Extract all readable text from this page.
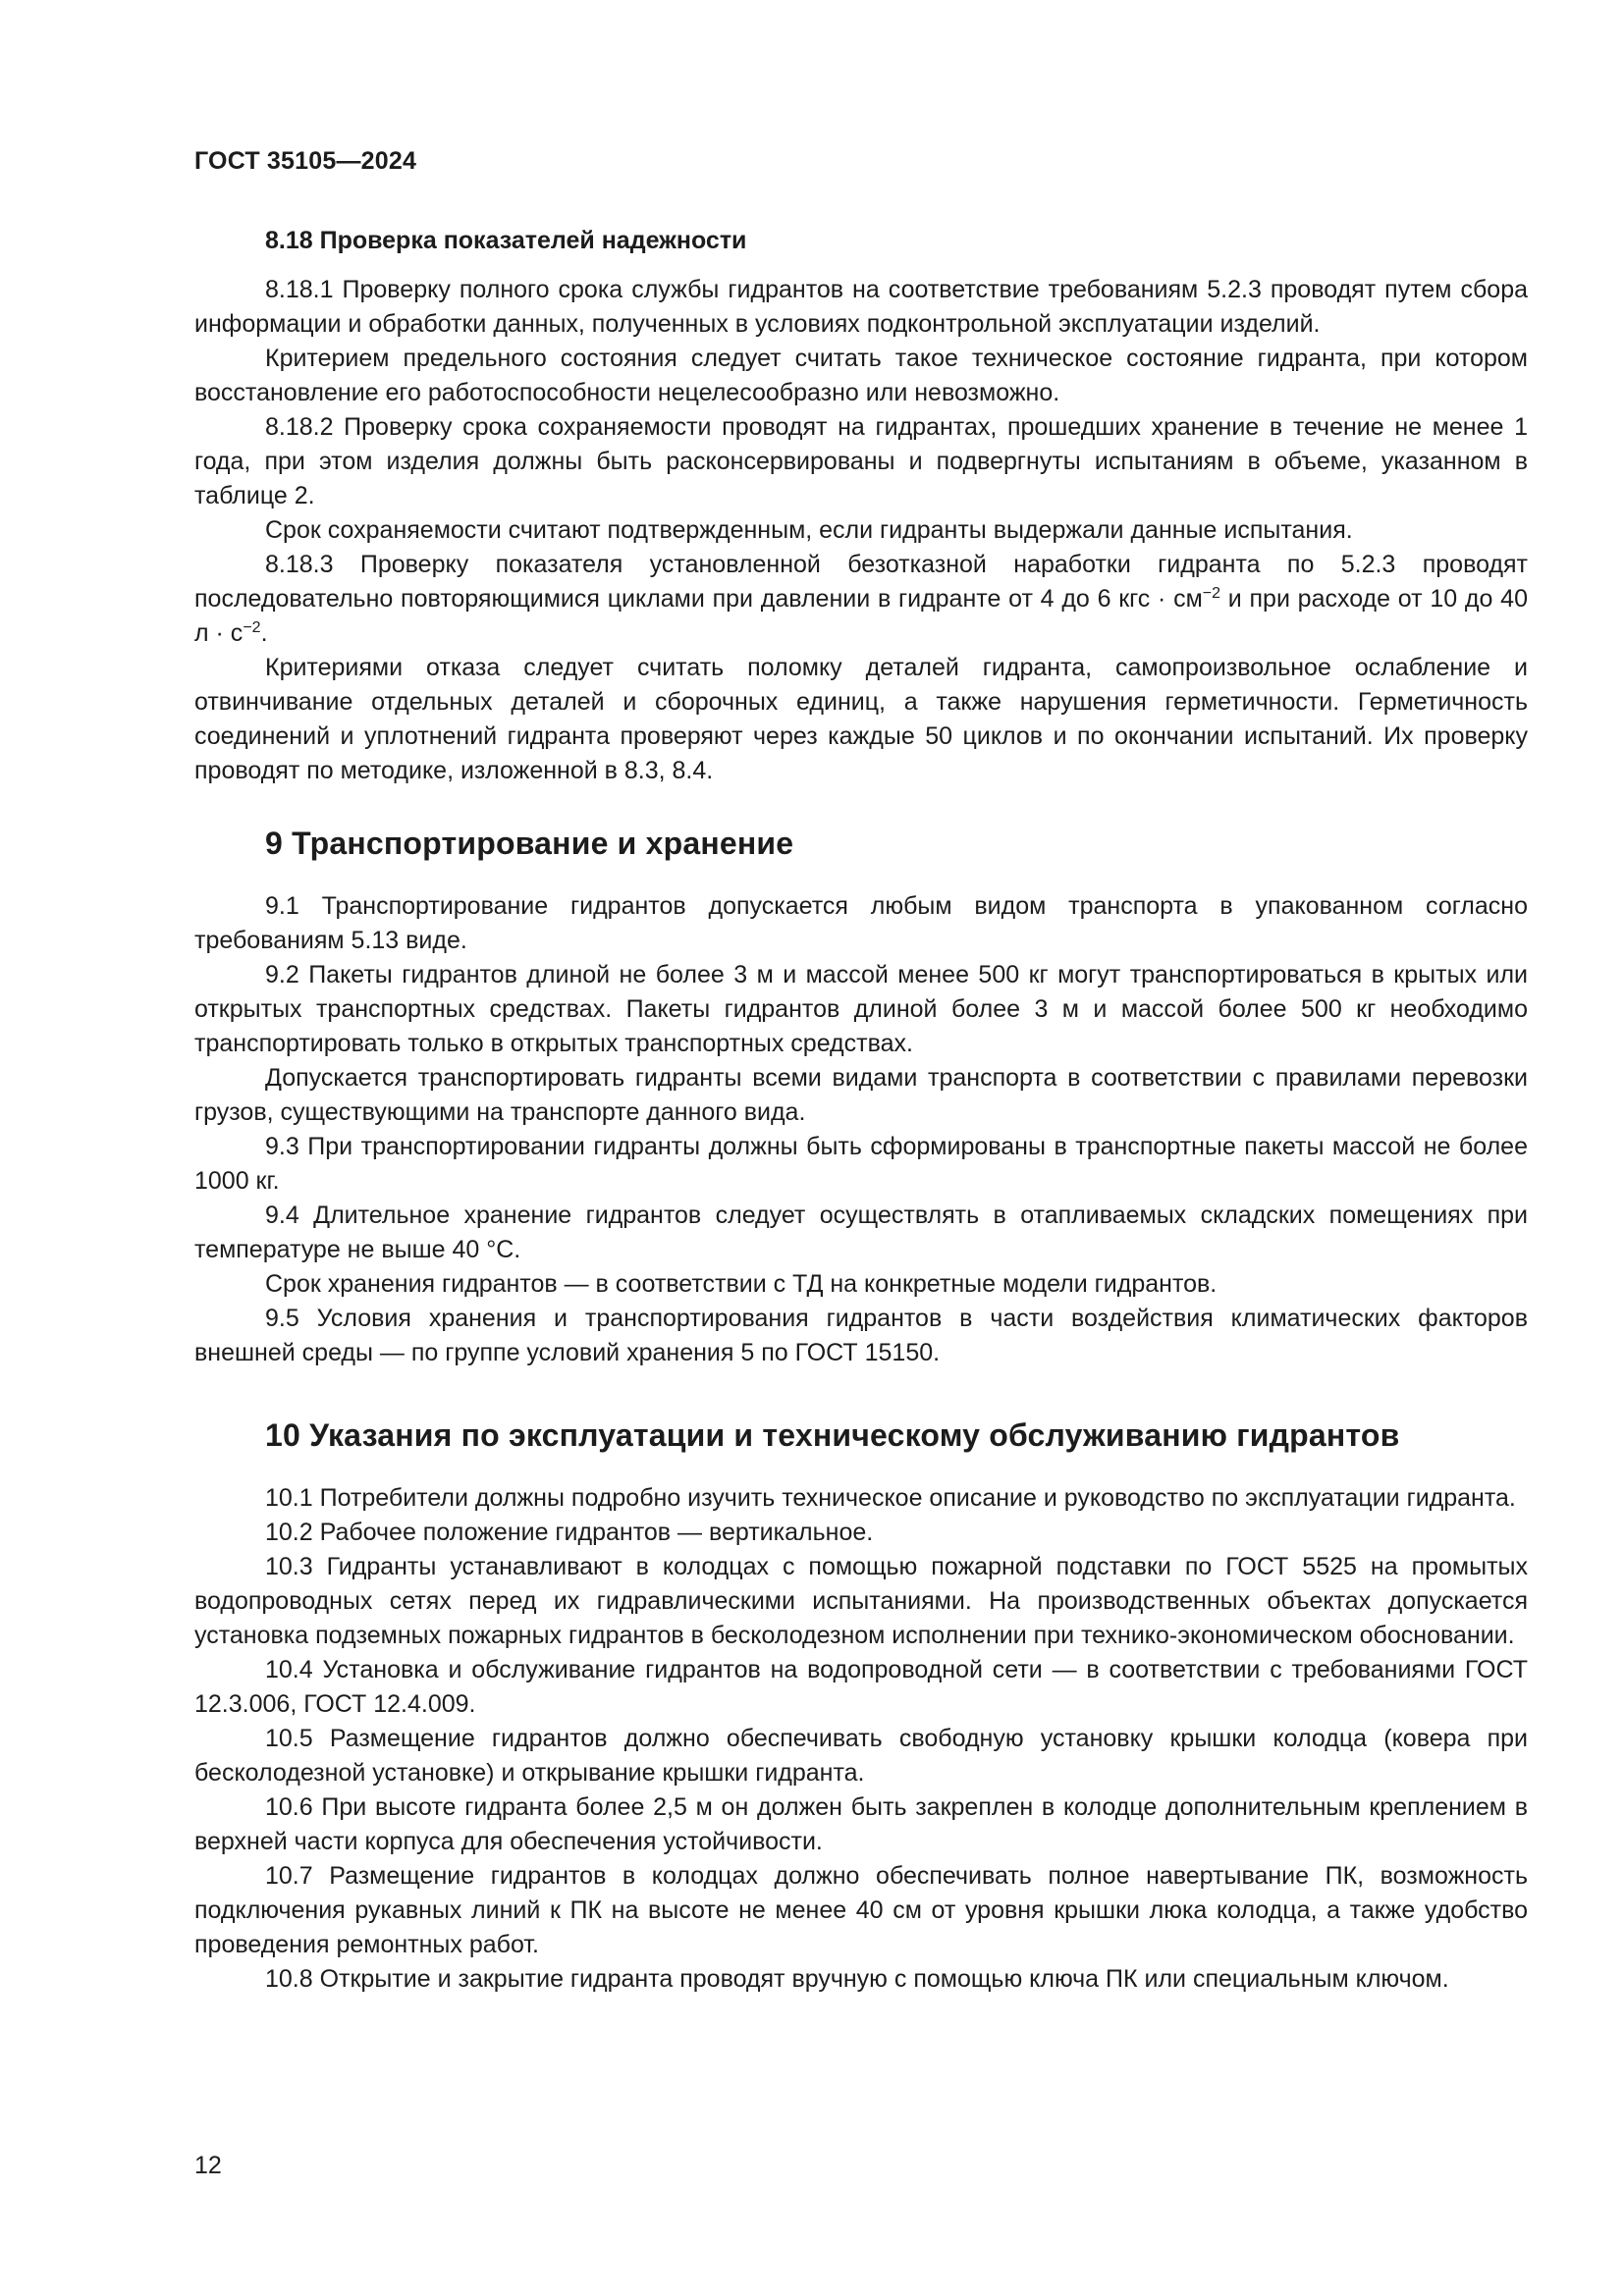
ГОСТ 35105—2024
8.18 Проверка показателей надежности

8.18.1 Проверку полного срока службы гидрантов на соответствие требованиям 5.2.3 проводят путем сбора информации и обработки данных, полученных в условиях подконтрольной эксплуатации изделий.

Критерием предельного состояния следует считать такое техническое состояние гидранта, при котором восстановление его работоспособности нецелесообразно или невозможно.

8.18.2 Проверку срока сохраняемости проводят на гидрантах, прошедших хранение в течение не менее 1 года, при этом изделия должны быть расконсервированы и подвергнуты испытаниям в объеме, указанном в таблице 2.

Срок сохраняемости считают подтвержденным, если гидранты выдержали данные испытания.

8.18.3 Проверку показателя установленной безотказной наработки гидранта по 5.2.3 проводят последовательно повторяющимися циклами при давлении в гидранте от 4 до 6 кгс · $см^{-2}$ и при расходе от 10 до 40 $л \cdot с^{-2}$.

Критериями отказа следует считать поломку деталей гидранта, самопроизвольное ослабление и отвинчивание отдельных деталей и сборочных единиц, а также нарушения герметичности. Герметичность соединений и уплотнений гидранта проверяют через каждые 50 циклов и по окончании испытаний. Их проверку проводят по методике, изложенной в 8.3, 8.4.

9 Транспортирование и хранение

9.1 Транспортирование гидрантов допускается любым видом транспорта в упакованном согласно требованиям 5.13 виде.

9.2 Пакеты гидрантов длиной не более 3 м и массой менее 500 кг могут транспортироваться в крытых или открытых транспортных средствах. Пакеты гидрантов длиной более 3 м и массой более 500 кг необходимо транспортировать только в открытых транспортных средствах.

Допускается транспортировать гидранты всеми видами транспорта в соответствии с правилами перевозки грузов, существующими на транспорте данного вида.

9.3 При транспортировании гидранты должны быть сформированы в транспортные пакеты массой не более 1000 кг.

9.4 Длительное хранение гидрантов следует осуществлять в отапливаемых складских помещениях при температуре не выше 40 °С.

Срок хранения гидрантов — в соответствии с ТД на конкретные модели гидрантов.

9.5 Условия хранения и транспортирования гидрантов в части воздействия климатических факторов внешней среды — по группе условий хранения 5 по ГОСТ 15150.

10 Указания по эксплуатации и техническому обслуживанию гидрантов

10.1 Потребители должны подробно изучить техническое описание и руководство по эксплуатации гидранта.

10.2 Рабочее положение гидрантов — вертикальное.

10.3 Гидранты устанавливают в колодцах с помощью пожарной подставки по ГОСТ 5525 на промытых водопроводных сетях перед их гидравлическими испытаниями. На производственных объектах допускается установка подземных пожарных гидрантов в бесколодезном исполнении при технико-экономическом обосновании.

10.4 Установка и обслуживание гидрантов на водопроводной сети — в соответствии с требованиями ГОСТ 12.3.006, ГОСТ 12.4.009.

10.5 Размещение гидрантов должно обеспечивать свободную установку крышки колодца (ковера при бесколодезной установке) и открывание крышки гидранта.

10.6 При высоте гидранта более 2,5 м он должен быть закреплен в колодце дополнительным креплением в верхней части корпуса для обеспечения устойчивости.

10.7 Размещение гидрантов в колодцах должно обеспечивать полное навертывание ПК, возможность подключения рукавных линий к ПК на высоте не менее 40 см от уровня крышки люка колодца, а также удобство проведения ремонтных работ.

10.8 Открытие и закрытие гидранта проводят вручную с помощью ключа ПК или специальным ключом.

12
